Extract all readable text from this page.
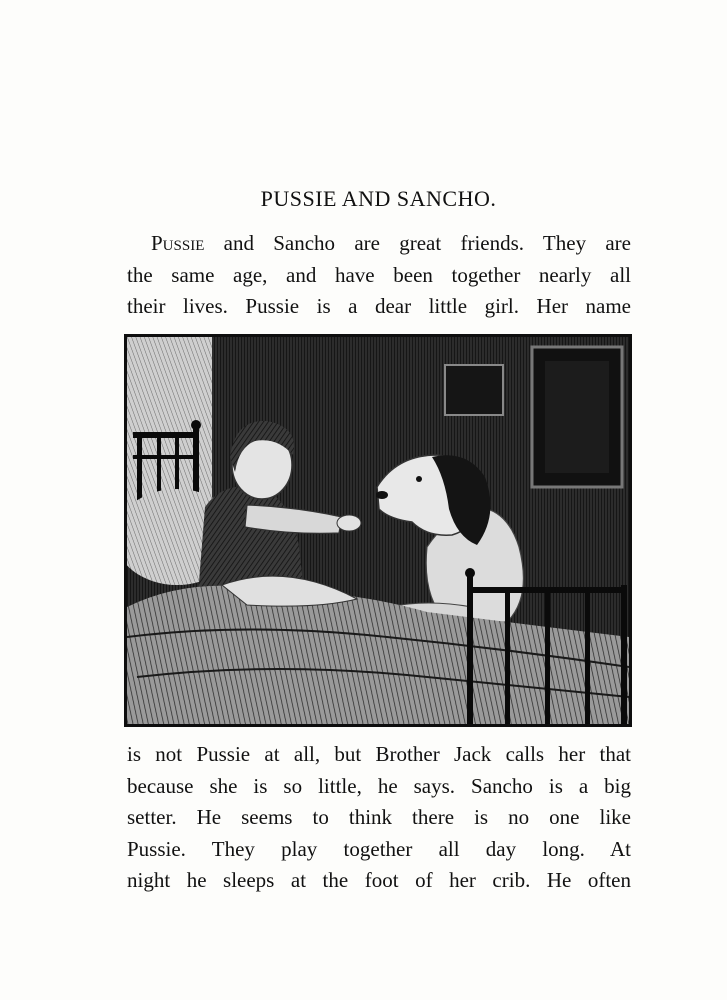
PUSSIE AND SANCHO.
Pussie and Sancho are great friends. They are
the same age, and have been together nearly all
their lives. Pussie is a dear little girl. Her name
is not Pussie at all, but Brother Jack calls her that
because she is so little, he says. Sancho is a big
setter. He seems to think there is no one like
Pussie. They play together all day long. At
night he sleeps at the foot of her crib. He often
